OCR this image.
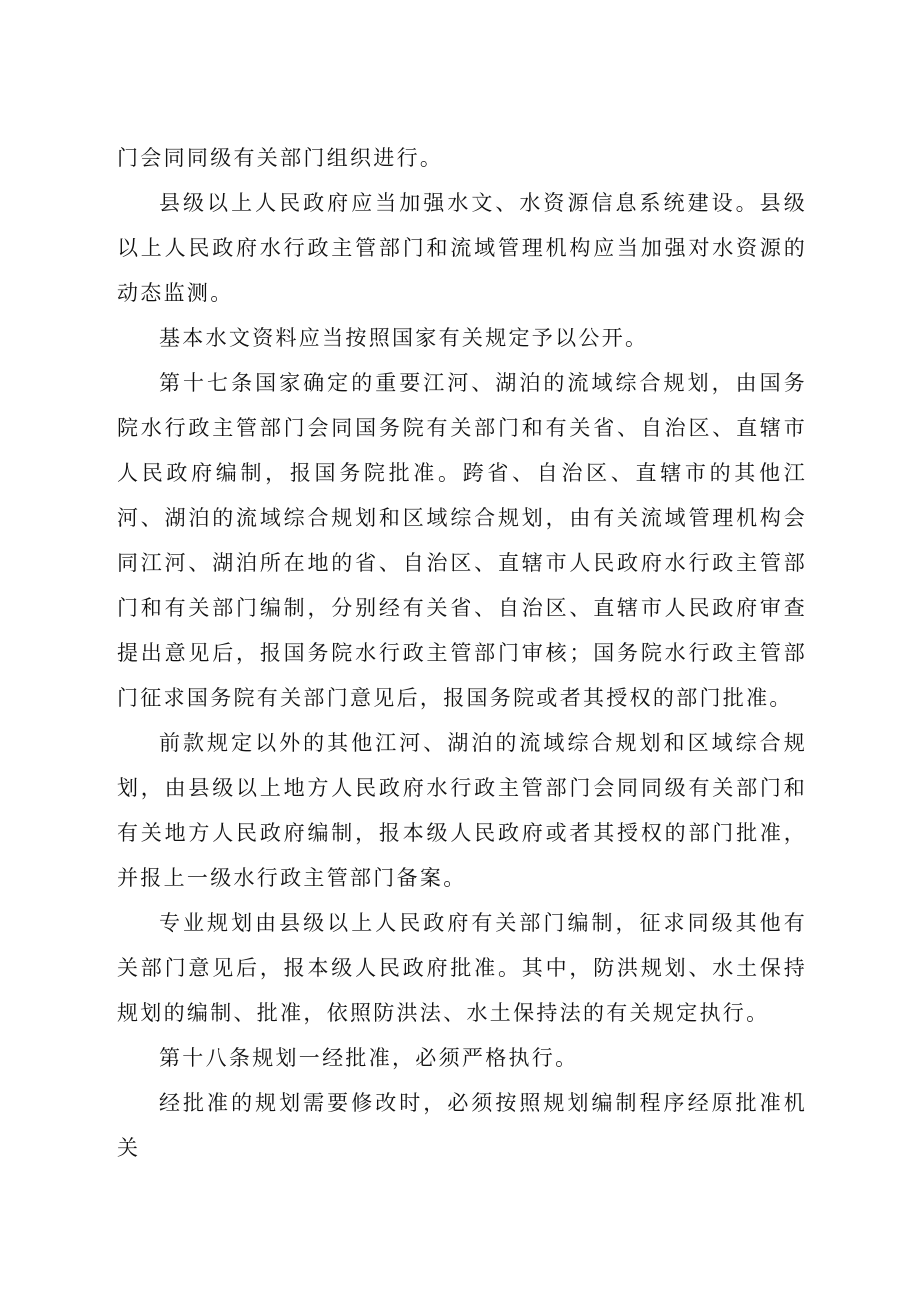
门会同同级有关部门组织进行。

县级以上人民政府应当加强水文、水资源信息系统建设。县级以上人民政府水行政主管部门和流域管理机构应当加强对水资源的动态监测。

基本水文资料应当按照国家有关规定予以公开。

第十七条国家确定的重要江河、湖泊的流域综合规划，由国务院水行政主管部门会同国务院有关部门和有关省、自治区、直辖市人民政府编制，报国务院批准。跨省、自治区、直辖市的其他江河、湖泊的流域综合规划和区域综合规划，由有关流域管理机构会同江河、湖泊所在地的省、自治区、直辖市人民政府水行政主管部门和有关部门编制，分别经有关省、自治区、直辖市人民政府审查提出意见后，报国务院水行政主管部门审核；国务院水行政主管部门征求国务院有关部门意见后，报国务院或者其授权的部门批准。

前款规定以外的其他江河、湖泊的流域综合规划和区域综合规划，由县级以上地方人民政府水行政主管部门会同同级有关部门和有关地方人民政府编制，报本级人民政府或者其授权的部门批准，并报上一级水行政主管部门备案。

专业规划由县级以上人民政府有关部门编制，征求同级其他有关部门意见后，报本级人民政府批准。其中，防洪规划、水土保持规划的编制、批准，依照防洪法、水土保持法的有关规定执行。

第十八条规划一经批准，必须严格执行。

经批准的规划需要修改时，必须按照规划编制程序经原批准机关
